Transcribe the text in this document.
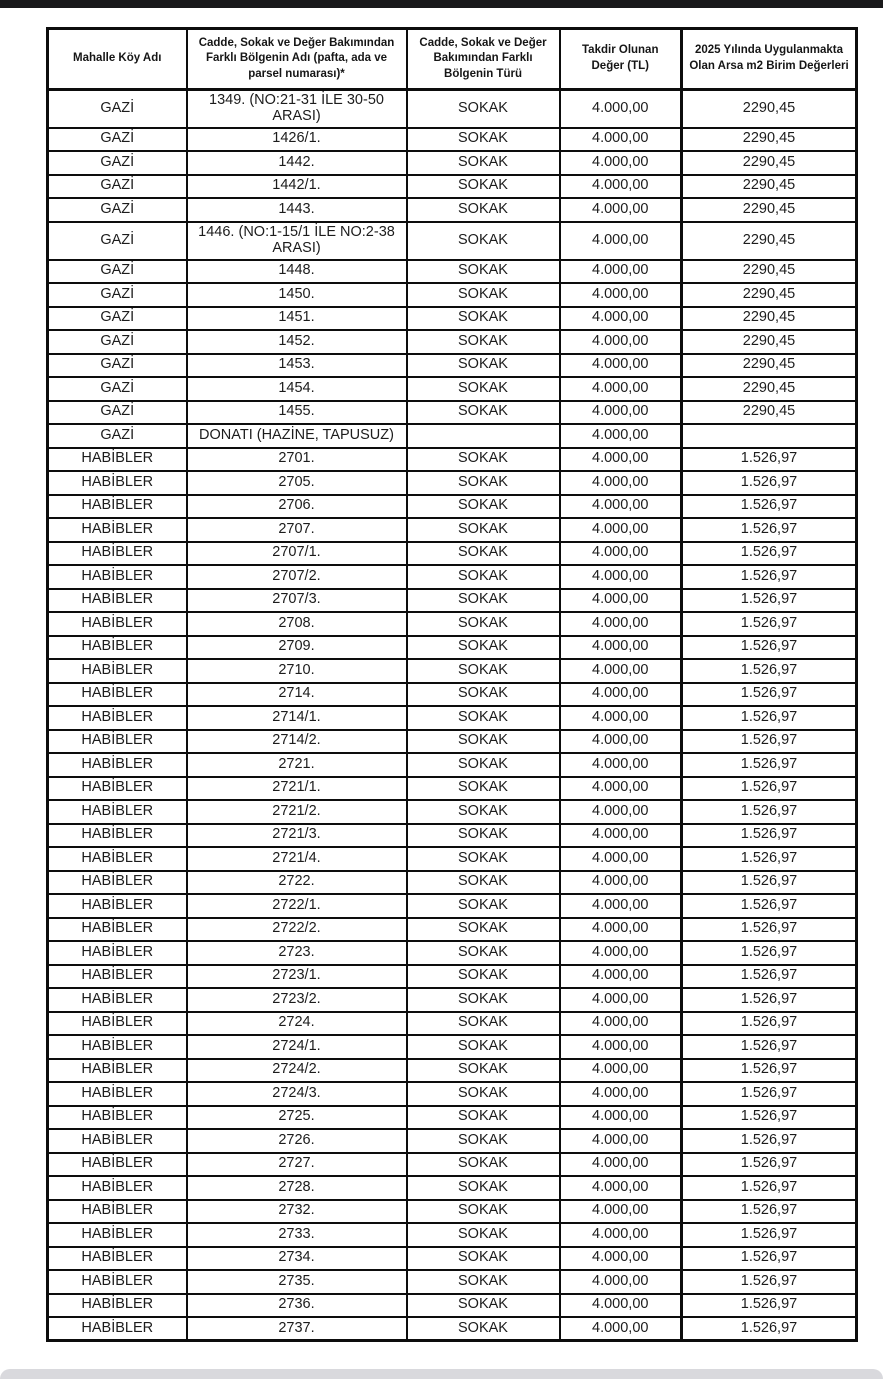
Mahalle Köy Adı	Cadde, Sokak ve Değer Bakımından Farklı Bölgenin Adı (pafta, ada ve parsel numarası)*	Cadde, Sokak ve Değer Bakımından Farklı Bölgenin Türü	Takdir Olunan Değer (TL)	2025 Yılında Uygulanmakta Olan Arsa m2 Birim Değerleri
GAZİ	1349. (NO:21-31 İLE 30-50 ARASI)	SOKAK	4.000,00	2290,45
GAZİ	1426/1.	SOKAK	4.000,00	2290,45
GAZİ	1442.	SOKAK	4.000,00	2290,45
GAZİ	1442/1.	SOKAK	4.000,00	2290,45
GAZİ	1443.	SOKAK	4.000,00	2290,45
GAZİ	1446. (NO:1-15/1 İLE NO:2-38 ARASI)	SOKAK	4.000,00	2290,45
GAZİ	1448.	SOKAK	4.000,00	2290,45
GAZİ	1450.	SOKAK	4.000,00	2290,45
GAZİ	1451.	SOKAK	4.000,00	2290,45
GAZİ	1452.	SOKAK	4.000,00	2290,45
GAZİ	1453.	SOKAK	4.000,00	2290,45
GAZİ	1454.	SOKAK	4.000,00	2290,45
GAZİ	1455.	SOKAK	4.000,00	2290,45
GAZİ	DONATI (HAZİNE, TAPUSUZ)		4.000,00	
HABİBLER	2701.	SOKAK	4.000,00	1.526,97
HABİBLER	2705.	SOKAK	4.000,00	1.526,97
HABİBLER	2706.	SOKAK	4.000,00	1.526,97
HABİBLER	2707.	SOKAK	4.000,00	1.526,97
HABİBLER	2707/1.	SOKAK	4.000,00	1.526,97
HABİBLER	2707/2.	SOKAK	4.000,00	1.526,97
HABİBLER	2707/3.	SOKAK	4.000,00	1.526,97
HABİBLER	2708.	SOKAK	4.000,00	1.526,97
HABİBLER	2709.	SOKAK	4.000,00	1.526,97
HABİBLER	2710.	SOKAK	4.000,00	1.526,97
HABİBLER	2714.	SOKAK	4.000,00	1.526,97
HABİBLER	2714/1.	SOKAK	4.000,00	1.526,97
HABİBLER	2714/2.	SOKAK	4.000,00	1.526,97
HABİBLER	2721.	SOKAK	4.000,00	1.526,97
HABİBLER	2721/1.	SOKAK	4.000,00	1.526,97
HABİBLER	2721/2.	SOKAK	4.000,00	1.526,97
HABİBLER	2721/3.	SOKAK	4.000,00	1.526,97
HABİBLER	2721/4.	SOKAK	4.000,00	1.526,97
HABİBLER	2722.	SOKAK	4.000,00	1.526,97
HABİBLER	2722/1.	SOKAK	4.000,00	1.526,97
HABİBLER	2722/2.	SOKAK	4.000,00	1.526,97
HABİBLER	2723.	SOKAK	4.000,00	1.526,97
HABİBLER	2723/1.	SOKAK	4.000,00	1.526,97
HABİBLER	2723/2.	SOKAK	4.000,00	1.526,97
HABİBLER	2724.	SOKAK	4.000,00	1.526,97
HABİBLER	2724/1.	SOKAK	4.000,00	1.526,97
HABİBLER	2724/2.	SOKAK	4.000,00	1.526,97
HABİBLER	2724/3.	SOKAK	4.000,00	1.526,97
HABİBLER	2725.	SOKAK	4.000,00	1.526,97
HABİBLER	2726.	SOKAK	4.000,00	1.526,97
HABİBLER	2727.	SOKAK	4.000,00	1.526,97
HABİBLER	2728.	SOKAK	4.000,00	1.526,97
HABİBLER	2732.	SOKAK	4.000,00	1.526,97
HABİBLER	2733.	SOKAK	4.000,00	1.526,97
HABİBLER	2734.	SOKAK	4.000,00	1.526,97
HABİBLER	2735.	SOKAK	4.000,00	1.526,97
HABİBLER	2736.	SOKAK	4.000,00	1.526,97
HABİBLER	2737.	SOKAK	4.000,00	1.526,97
